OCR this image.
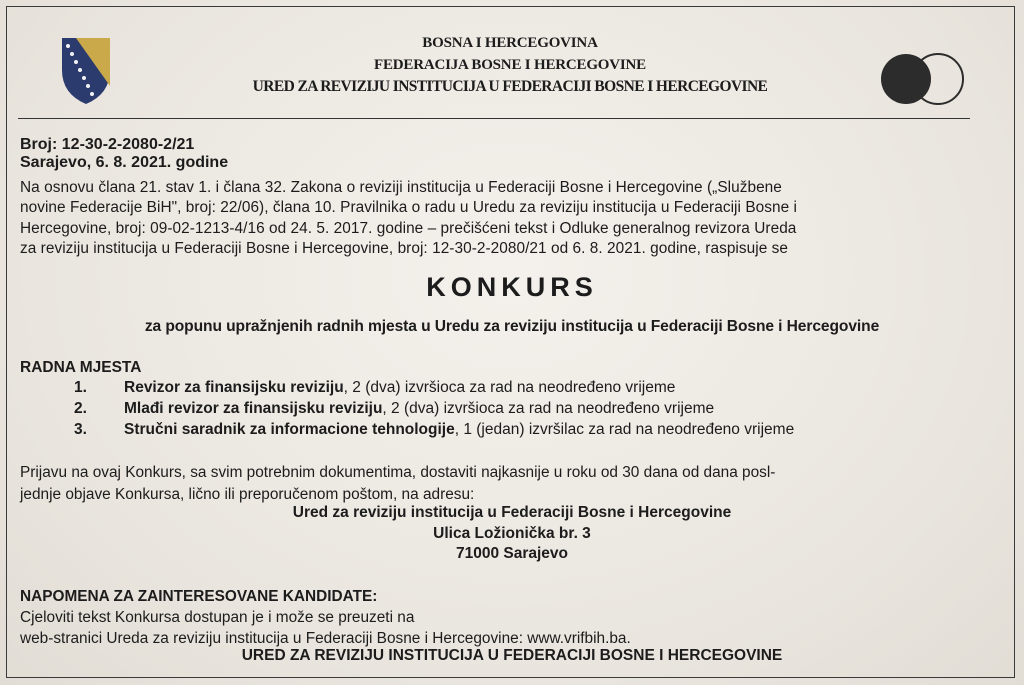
BOSNA I HERCEGOVINA
FEDERACIJA BOSNE I HERCEGOVINE
URED ZA REVIZIJU INSTITUCIJA U FEDERACIJI BOSNE I HERCEGOVINE
Broj: 12-30-2-2080-2/21
Sarajevo, 6. 8. 2021. godine
Na osnovu člana 21. stav 1. i člana 32. Zakona o reviziji institucija u Federaciji Bosne i Hercegovine („Službene
novine Federacije BiH", broj: 22/06), člana 10. Pravilnika o radu u Uredu za reviziju institucija u Federaciji Bosne i
Hercegovine, broj: 09-02-1213-4/16 od 24. 5. 2017. godine – prečišćeni tekst i Odluke generalnog revizora Ureda
za reviziju institucija u Federaciji Bosne i Hercegovine, broj: 12-30-2-2080/21 od 6. 8. 2021. godine, raspisuje se
KONKURS
za popunu upražnjenih radnih mjesta u Uredu za reviziju institucija u Federaciji Bosne i Hercegovine
RADNA MJESTA
1. Revizor za finansijsku reviziju, 2 (dva) izvršioca za rad na neodređeno vrijeme
2. Mlađi revizor za finansijsku reviziju, 2 (dva) izvršioca za rad na neodređeno vrijeme
3. Stručni saradnik za informacione tehnologije, 1 (jedan) izvršilac za rad na neodređeno vrijeme
Prijavu na ovaj Konkurs, sa svim potrebnim dokumentima, dostaviti najkasnije u roku od 30 dana od dana posl-
jednje objave Konkursa, lično ili preporučenom poštom, na adresu:
Ured za reviziju institucija u Federaciji Bosne i Hercegovine
Ulica Ložionička br. 3
71000 Sarajevo
NAPOMENA ZA ZAINTERESOVANE KANDIDATE:
Cjeloviti tekst Konkursa dostupan je i može se preuzeti na
web-stranici Ureda za reviziju institucija u Federaciji Bosne i Hercegovine: www.vrifbih.ba.
URED ZA REVIZIJU INSTITUCIJA U FEDERACIJI BOSNE I HERCEGOVINE
